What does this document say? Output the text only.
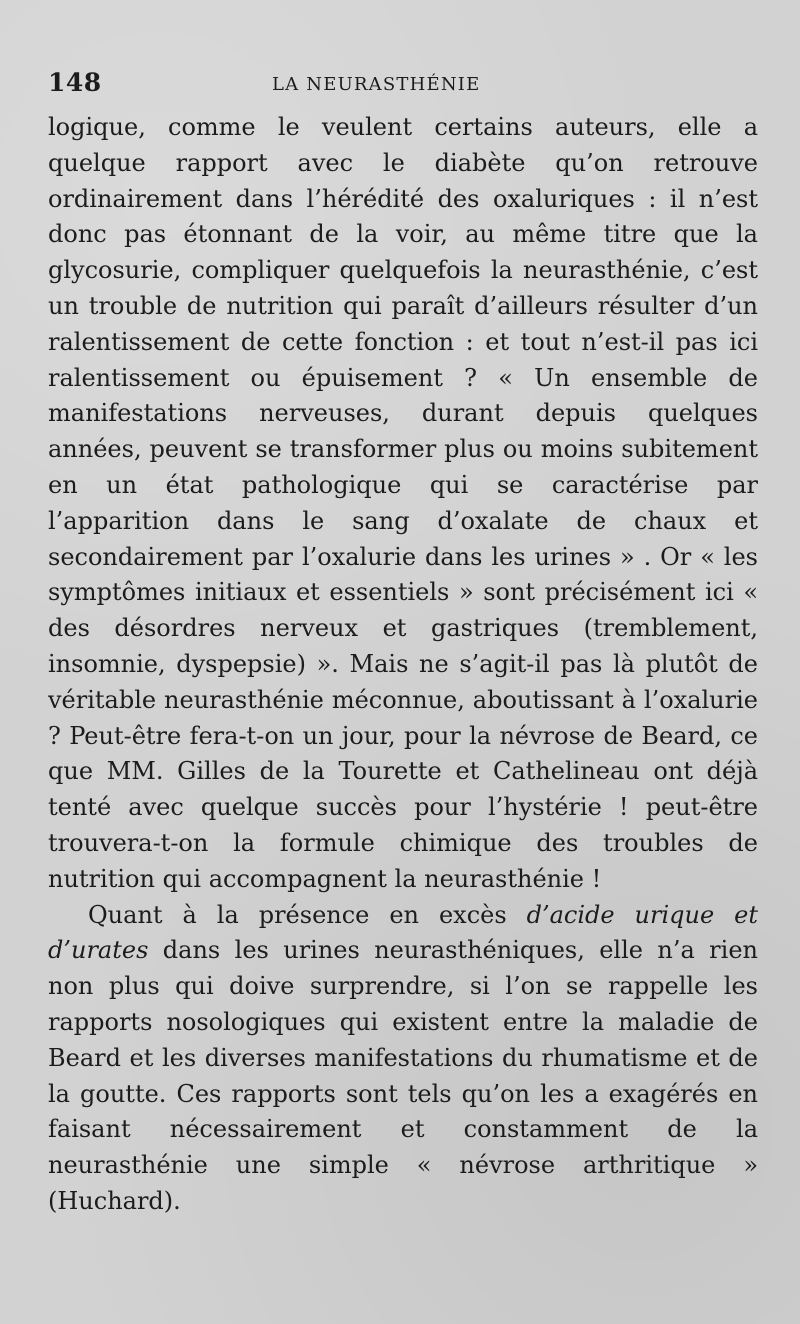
148	LA NEURASTHÉNIE

logique, comme le veulent certains auteurs, elle a quelque rapport avec le diabète qu’on retrouve ordinairement dans l’hérédité des oxaluriques : il n’est donc pas étonnant de la voir, au même titre que la glycosurie, compliquer quelquefois la neurasthénie, c’est un trouble de nutrition qui paraît d’ailleurs résulter d’un ralentissement de cette fonction : et tout n’est-il pas ici ralentissement ou épuisement ? « Un ensemble de manifestations nerveuses, durant depuis quelques années, peuvent se transformer plus ou moins subitement en un état pathologique qui se caractérise par l’apparition dans le sang d’oxalate de chaux et secondairement par l’oxalurie dans les urines » . Or « les symptômes initiaux et essentiels » sont précisément ici « des désordres nerveux et gastriques (tremblement, insomnie, dyspepsie) ». Mais ne s’agit-il pas là plutôt de véritable neurasthénie méconnue, aboutissant à l’oxalurie ? Peut-être fera-t-on un jour, pour la névrose de Beard, ce que MM. Gilles de la Tourette et Cathelineau ont déjà tenté avec quelque succès pour l’hystérie ! peut-être trouvera-t-on la formule chimique des troubles de nutrition qui accompagnent la neurasthénie !

Quant à la présence en excès d’acide urique et d’urates dans les urines neurasthéniques, elle n’a rien non plus qui doive surprendre, si l’on se rappelle les rapports nosologiques qui existent entre la maladie de Beard et les diverses manifestations du rhumatisme et de la goutte. Ces rapports sont tels qu’on les a exagérés en faisant nécessairement et constamment de la neurasthénie une simple « névrose arthritique » (Huchard).
